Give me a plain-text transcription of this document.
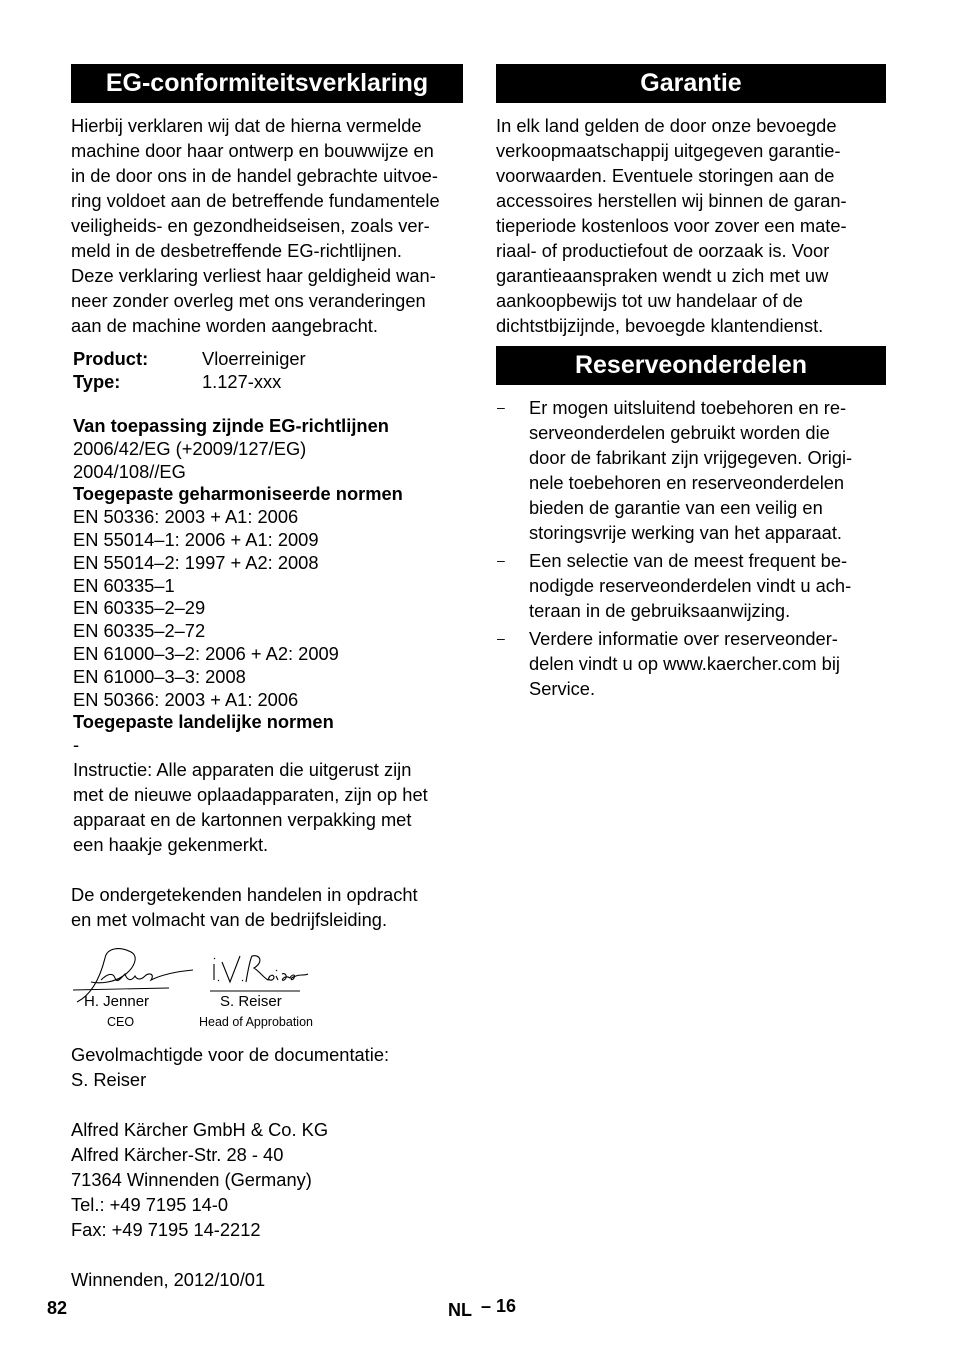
EG-conformiteitsverklaring
Hierbij verklaren wij dat de hierna vermelde
machine door haar ontwerp en bouwwijze en
in de door ons in de handel gebrachte uitvoe-
ring voldoet aan de betreffende fundamentele
veiligheids- en gezondheidseisen, zoals ver-
meld in de desbetreffende EG-richtlijnen.
Deze verklaring verliest haar geldigheid wan-
neer zonder overleg met ons veranderingen
aan de machine worden aangebracht.
Product:	Vloerreiniger
Type:	1.127-xxx
Van toepassing zijnde EG-richtlijnen
2006/42/EG (+2009/127/EG)
2004/108//EG
Toegepaste geharmoniseerde normen
EN 50336: 2003 + A1: 2006
EN 55014–1: 2006 + A1: 2009
EN 55014–2: 1997 + A2: 2008
EN 60335–1
EN 60335–2–29
EN 60335–2–72
EN 61000–3–2: 2006 + A2: 2009
EN 61000–3–3: 2008
EN 50366: 2003 + A1: 2006
Toegepaste landelijke normen
-
Instructie: Alle apparaten die uitgerust zijn
met de nieuwe oplaadapparaten, zijn op het
apparaat en de kartonnen verpakking met
een haakje gekenmerkt.
De ondergetekenden handelen in opdracht
en met volmacht van de bedrijfsleiding.
H. Jenner
CEO
S. Reiser
Head of Approbation
Gevolmachtigde voor de documentatie:
S. Reiser
Alfred Kärcher GmbH & Co. KG
Alfred Kärcher-Str. 28 - 40
71364 Winnenden (Germany)
Tel.: +49 7195 14-0
Fax: +49 7195 14-2212
Winnenden, 2012/10/01
Garantie
In elk land gelden de door onze bevoegde
verkoopmaatschappij uitgegeven garantie-
voorwaarden. Eventuele storingen aan de
accessoires herstellen wij binnen de garan-
tieperiode kostenloos voor zover een mate-
riaal- of productiefout de oorzaak is. Voor
garantieaanspraken wendt u zich met uw
aankoopbewijs tot uw handelaar of de
dichtstbijzijnde, bevoegde klantendienst.
Reserveonderdelen
– Er mogen uitsluitend toebehoren en re-
serveonderdelen gebruikt worden die
door de fabrikant zijn vrijgegeven. Origi-
nele toebehoren en reserveonderdelen
bieden de garantie van een veilig en
storingsvrije werking van het apparaat.
– Een selectie van de meest frequent be-
nodigde reserveonderdelen vindt u ach-
teraan in de gebruiksaanwijzing.
– Verdere informatie over reserveonder-
delen vindt u op www.kaercher.com bij
Service.
82	NL – 16
